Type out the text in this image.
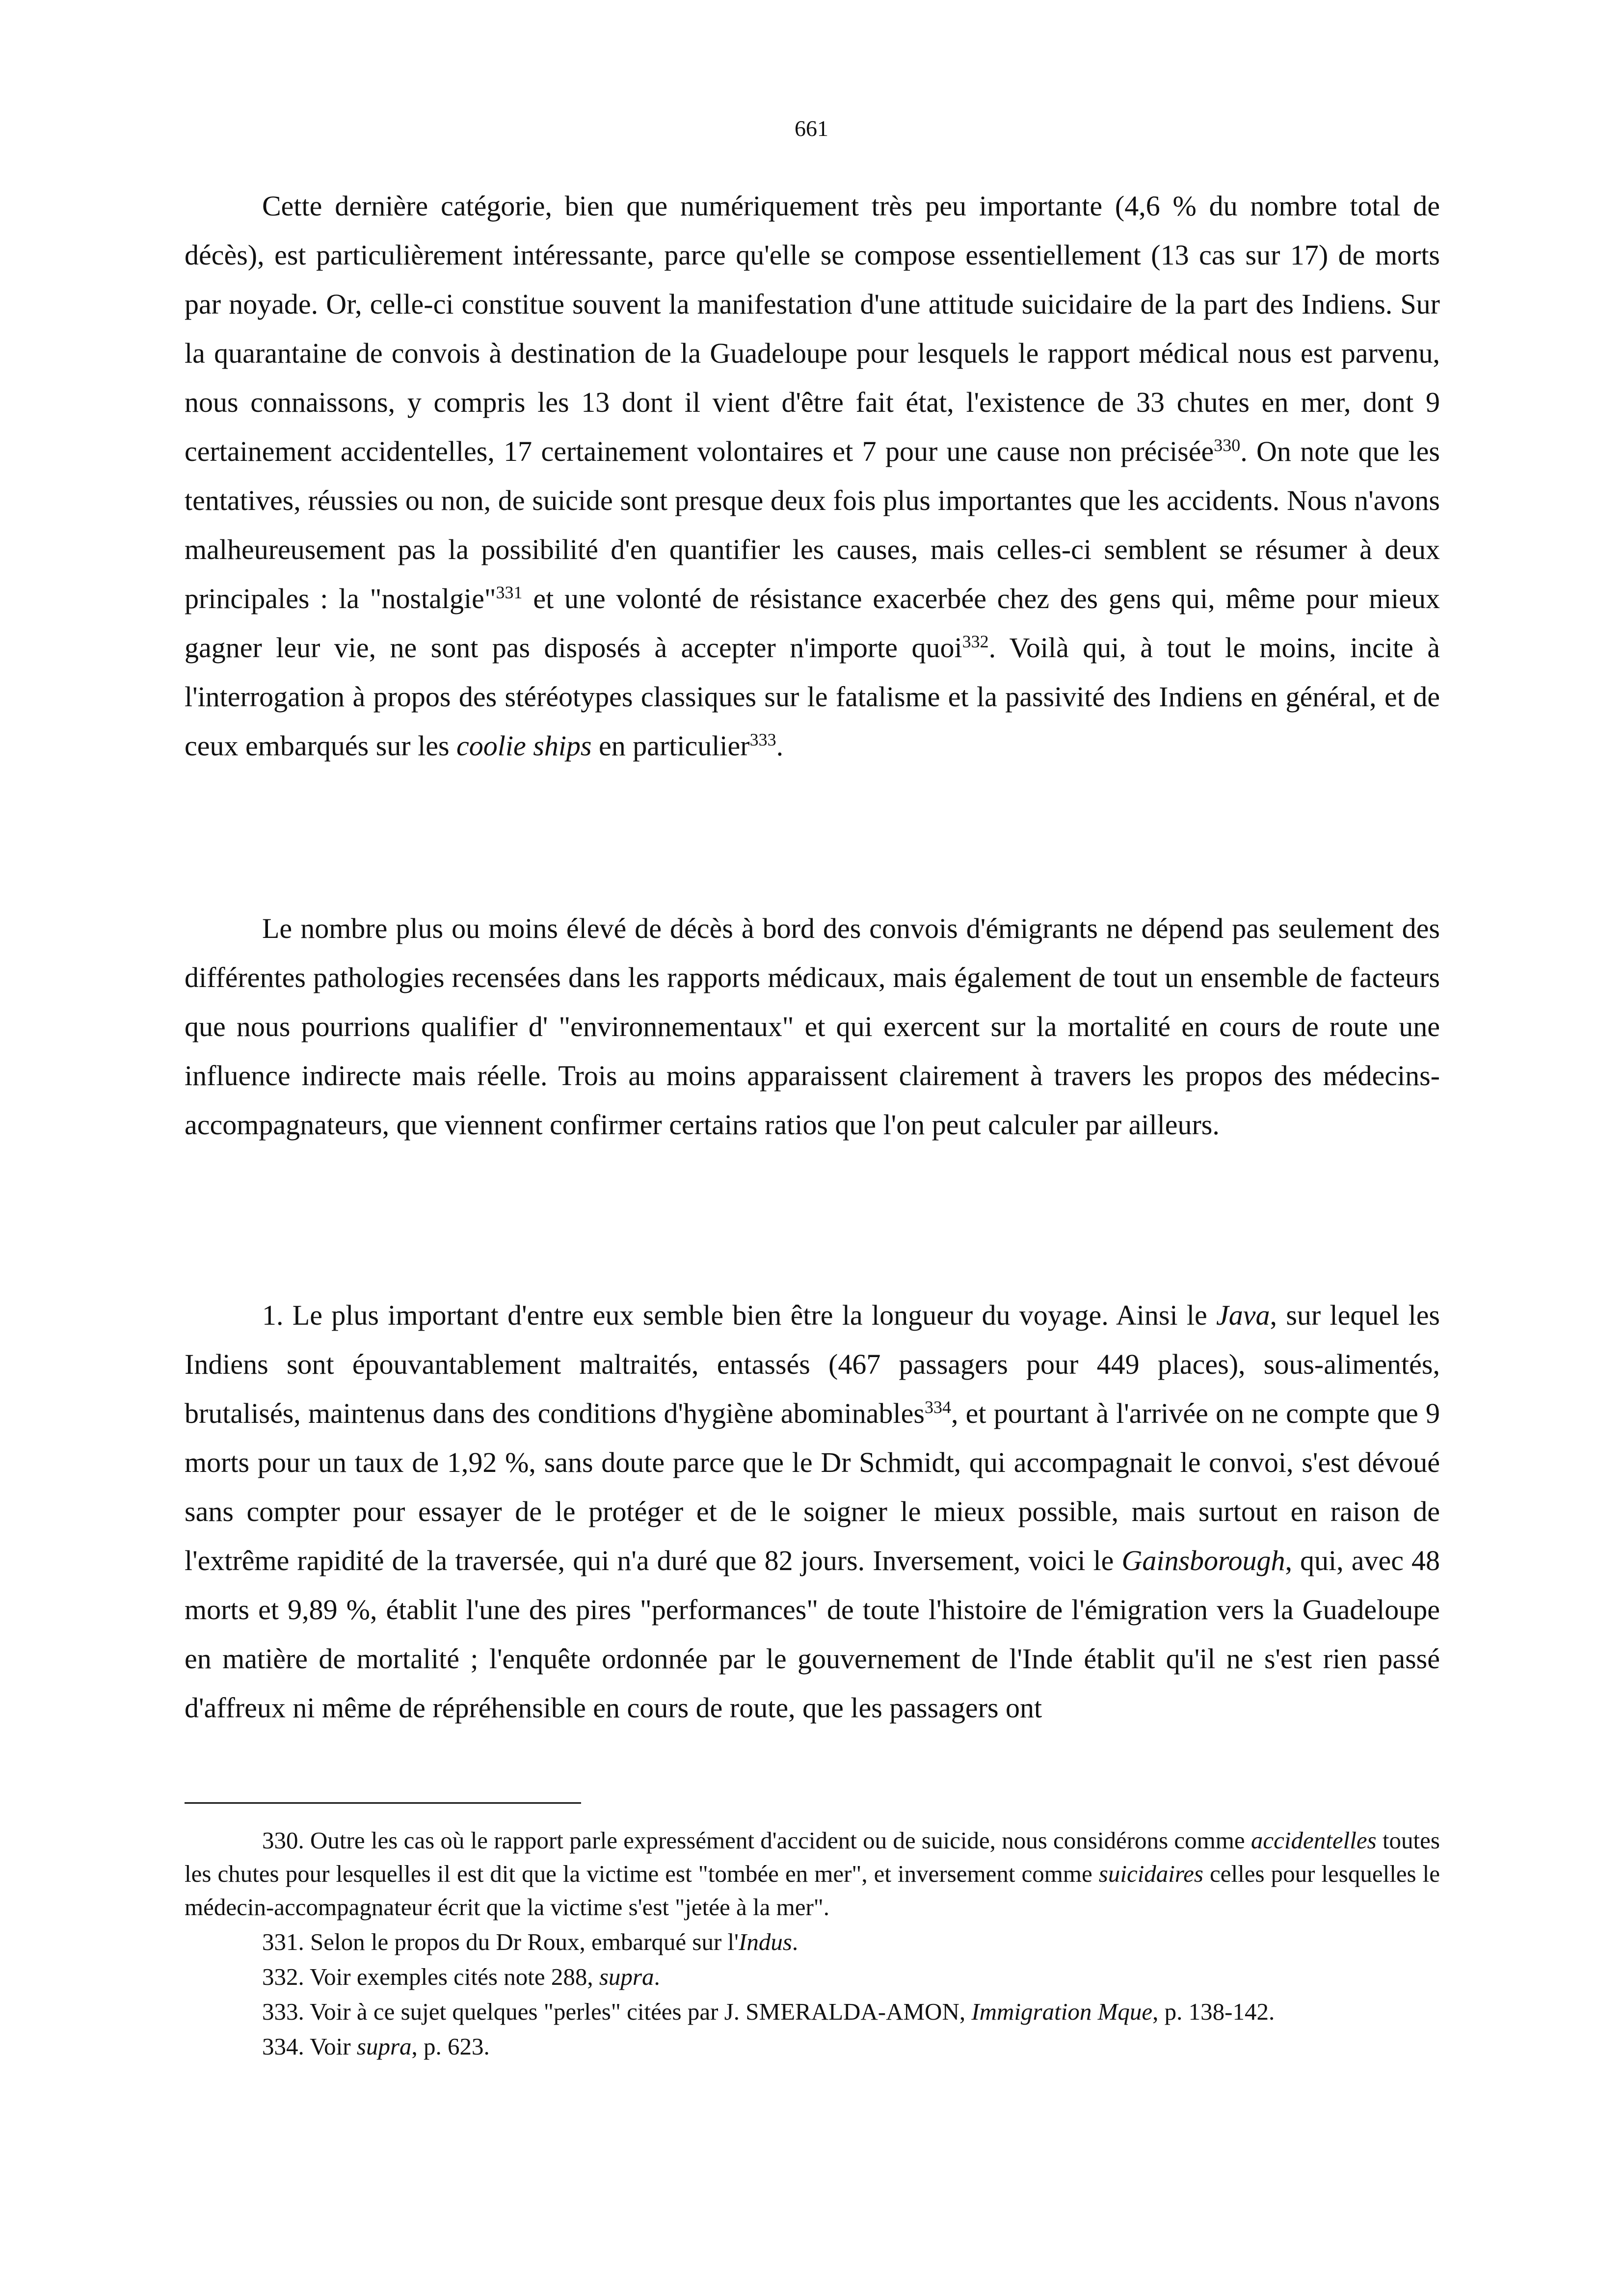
661

Cette dernière catégorie, bien que numériquement très peu importante (4,6 % du nombre total de décès), est particulièrement intéressante, parce qu'elle se compose essentiellement (13 cas sur 17) de morts par noyade. Or, celle-ci constitue souvent la manifestation d'une attitude suicidaire de la part des Indiens. Sur la quarantaine de convois à destination de la Guadeloupe pour lesquels le rapport médical nous est parvenu, nous connaissons, y compris les 13 dont il vient d'être fait état, l'existence de 33 chutes en mer, dont 9 certainement accidentelles, 17 certainement volontaires et 7 pour une cause non précisée$^{330}$. On note que les tentatives, réussies ou non, de suicide sont presque deux fois plus importantes que les accidents. Nous n'avons malheureusement pas la possibilité d'en quantifier les causes, mais celles-ci semblent se résumer à deux principales : la "nostalgie"$^{331}$ et une volonté de résistance exacerbée chez des gens qui, même pour mieux gagner leur vie, ne sont pas disposés à accepter n'importe quoi$^{332}$. Voilà qui, à tout le moins, incite à l'interrogation à propos des stéréotypes classiques sur le fatalisme et la passivité des Indiens en général, et de ceux embarqués sur les coolie ships en particulier$^{333}$.

Le nombre plus ou moins élevé de décès à bord des convois d'émigrants ne dépend pas seulement des différentes pathologies recensées dans les rapports médicaux, mais également de tout un ensemble de facteurs que nous pourrions qualifier d' "environnementaux" et qui exercent sur la mortalité en cours de route une influence indirecte mais réelle. Trois au moins apparaissent clairement à travers les propos des médecins-accompagnateurs, que viennent confirmer certains ratios que l'on peut calculer par ailleurs.

1. Le plus important d'entre eux semble bien être la longueur du voyage. Ainsi le Java, sur lequel les Indiens sont épouvantablement maltraités, entassés (467 passagers pour 449 places), sous-alimentés, brutalisés, maintenus dans des conditions d'hygiène abominables$^{334}$, et pourtant à l'arrivée on ne compte que 9 morts pour un taux de 1,92 %, sans doute parce que le Dr Schmidt, qui accompagnait le convoi, s'est dévoué sans compter pour essayer de le protéger et de le soigner le mieux possible, mais surtout en raison de l'extrême rapidité de la traversée, qui n'a duré que 82 jours. Inversement, voici le Gainsborough, qui, avec 48 morts et 9,89 %, établit l'une des pires "performances" de toute l'histoire de l'émigration vers la Guadeloupe en matière de mortalité ; l'enquête ordonnée par le gouvernement de l'Inde établit qu'il ne s'est rien passé d'affreux ni même de répréhensible en cours de route, que les passagers ont

330. Outre les cas où le rapport parle expressément d'accident ou de suicide, nous considérons comme accidentelles toutes les chutes pour lesquelles il est dit que la victime est "tombée en mer", et inversement comme suicidaires celles pour lesquelles le médecin-accompagnateur écrit que la victime s'est "jetée à la mer".

331. Selon le propos du Dr Roux, embarqué sur l'Indus.

332. Voir exemples cités note 288, supra.

333. Voir à ce sujet quelques "perles" citées par J. SMERALDA-AMON, Immigration Mque, p. 138-142.

334. Voir supra, p. 623.
